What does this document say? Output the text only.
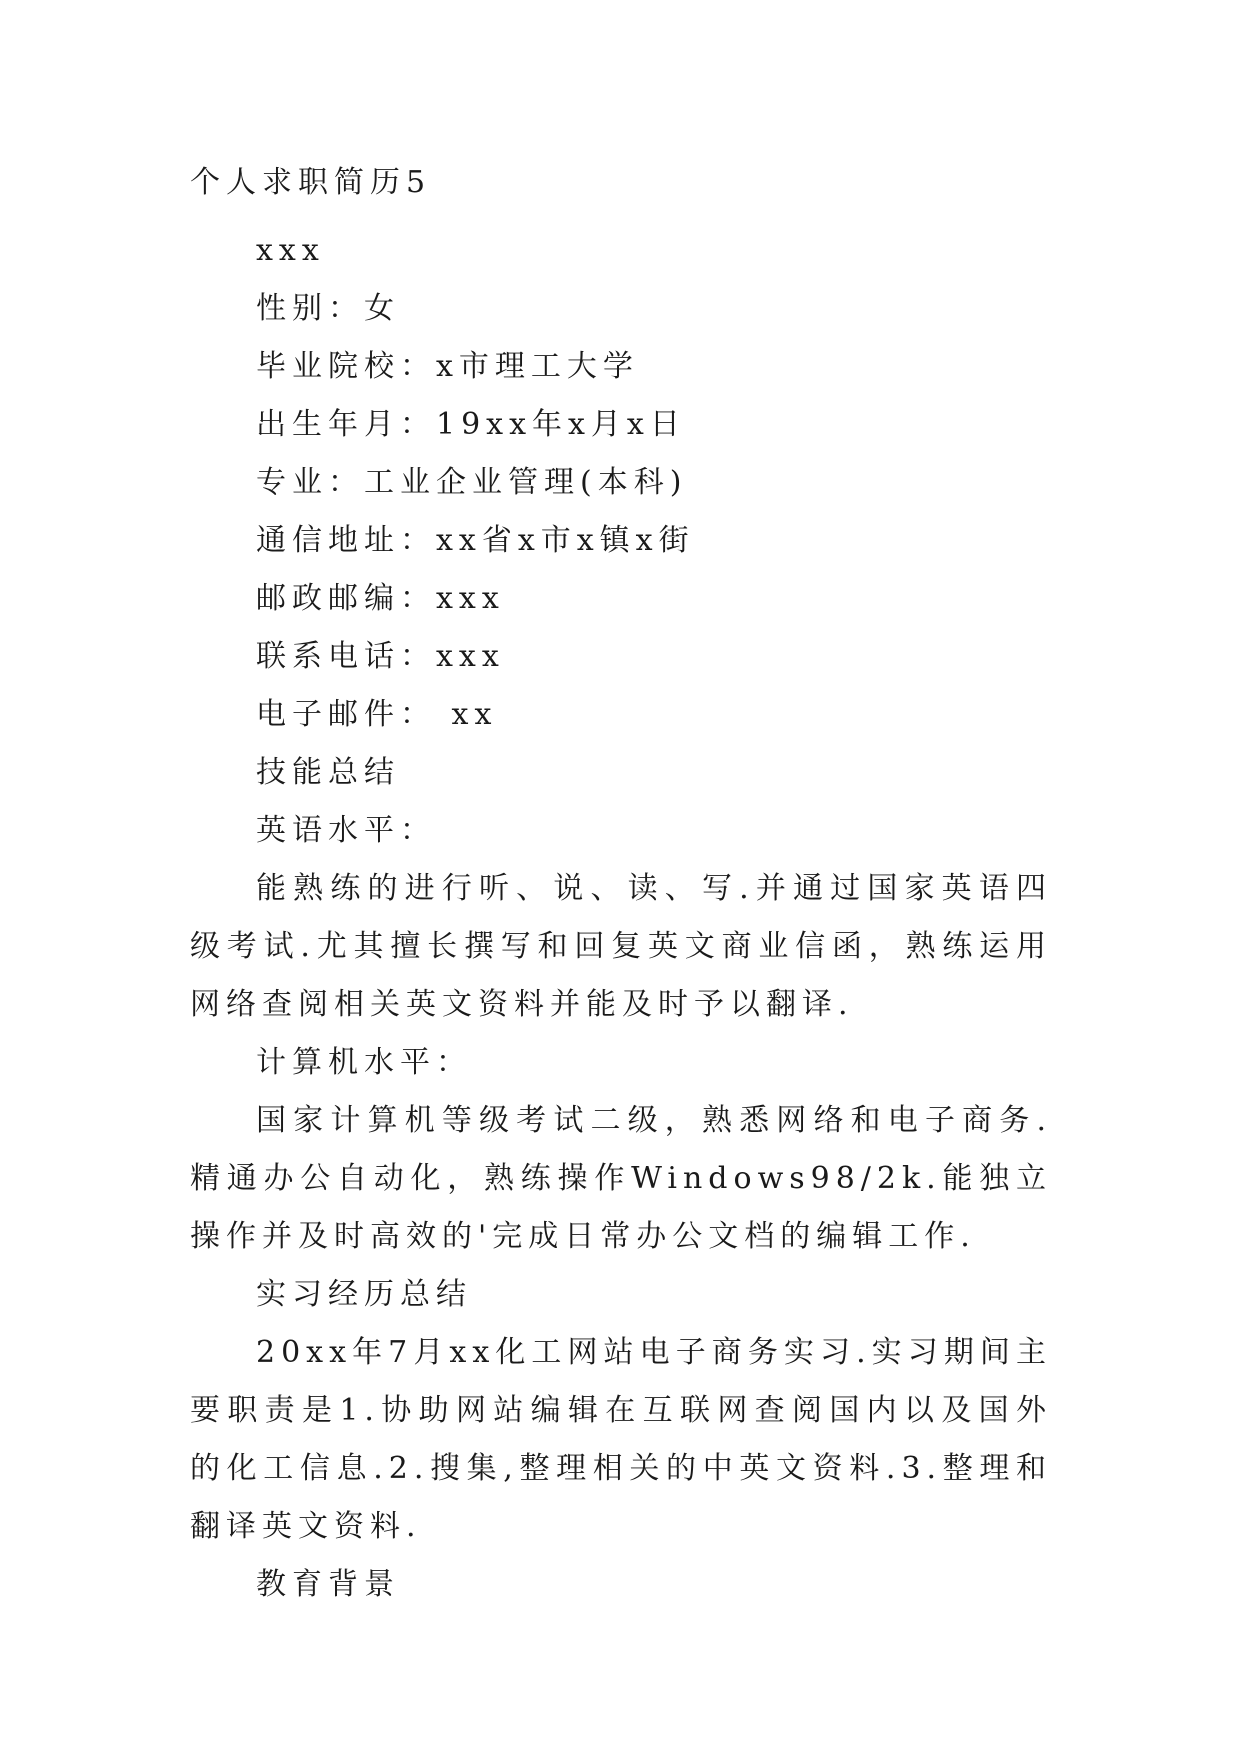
个人求职简历5

xxx

性别：女

毕业院校：x市理工大学

出生年月：19xx年x月x日

专业：工业企业管理(本科)

通信地址：xx省x市x镇x街

邮政邮编：xxx

联系电话：xxx

电子邮件： xx

技能总结

英语水平：

能熟练的进行听、说、读、写.并通过国家英语四级考试.尤其擅长撰写和回复英文商业信函，熟练运用网络查阅相关英文资料并能及时予以翻译.

计算机水平：

国家计算机等级考试二级，熟悉网络和电子商务.精通办公自动化，熟练操作Windows98/2k.能独立操作并及时高效的'完成日常办公文档的编辑工作.

实习经历总结

20xx年7月xx化工网站电子商务实习.实习期间主要职责是1.协助网站编辑在互联网查阅国内以及国外的化工信息.2.搜集,整理相关的中英文资料.3.整理和翻译英文资料.

教育背景
